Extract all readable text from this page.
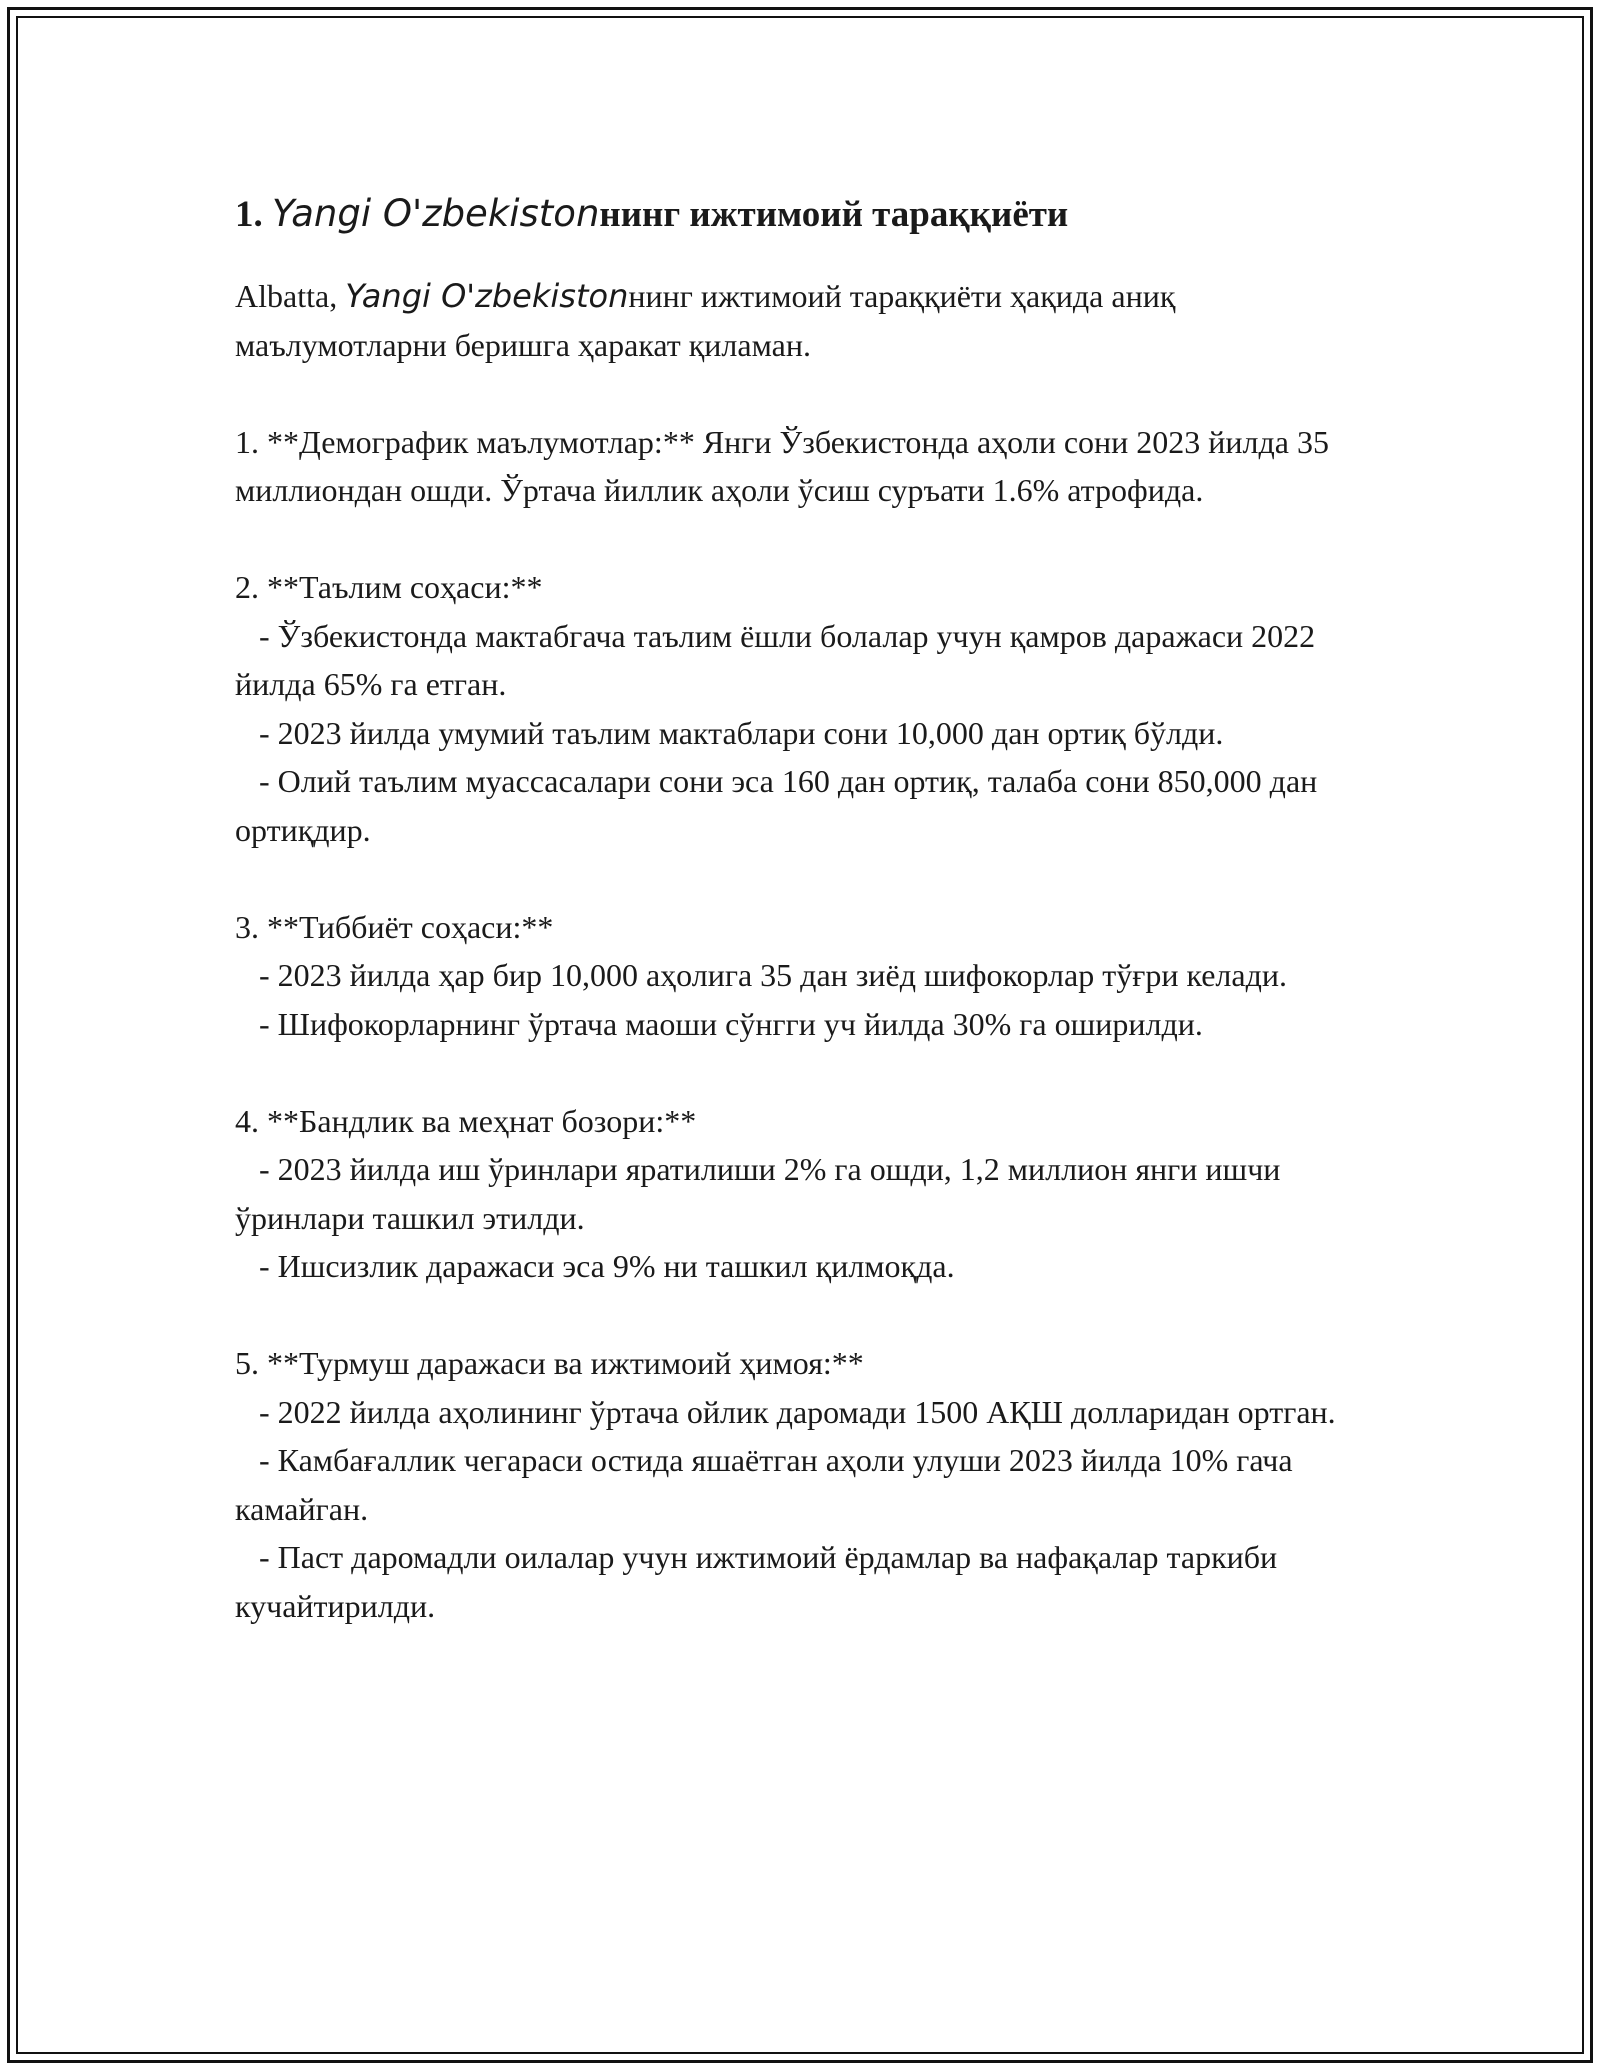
1. Yangi O'zbekistonнинг ижтимоий тараққиёти

Albatta, Yangi O'zbekistonнинг ижтимоий тараққиёти ҳақида аниқ маълумотларни беришга ҳаракат қиламан.

1. **Демографик маълумотлар:** Янги Ўзбекистонда аҳоли сони 2023 йилда 35 миллиондан ошди. Ўртача йиллик аҳоли ўсиш суръати 1.6% атрофида.

2. **Таълим соҳаси:**

- Ўзбекистонда мактабгача таълим ёшли болалар учун қамров даражаси 2022 йилда 65% га етган.

- 2023 йилда умумий таълим мактаблари сони 10,000 дан ортиқ бўлди.

- Олий таълим муассасалари сони эса 160 дан ортиқ, талаба сони 850,000 дан ортиқдир.

3. **Тиббиёт соҳаси:**

- 2023 йилда ҳар бир 10,000 аҳолига 35 дан зиёд шифокорлар тўғри келади.

- Шифокорларнинг ўртача маоши сўнгги уч йилда 30% га оширилди.

4. **Бандлик ва меҳнат бозори:**

- 2023 йилда иш ўринлари яратилиши 2% га ошди, 1,2 миллион янги ишчи ўринлари ташкил этилди.

- Ишсизлик даражаси эса 9% ни ташкил қилмоқда.

5. **Турмуш даражаси ва ижтимоий ҳимоя:**

- 2022 йилда аҳолининг ўртача ойлик даромади 1500 АҚШ долларидан ортган.

- Камбағаллик чегараси остида яшаётган аҳоли улуши 2023 йилда 10% гача камайган.

- Паст даромадли оилалар учун ижтимоий ёрдамлар ва нафақалар таркиби кучайтирилди.
